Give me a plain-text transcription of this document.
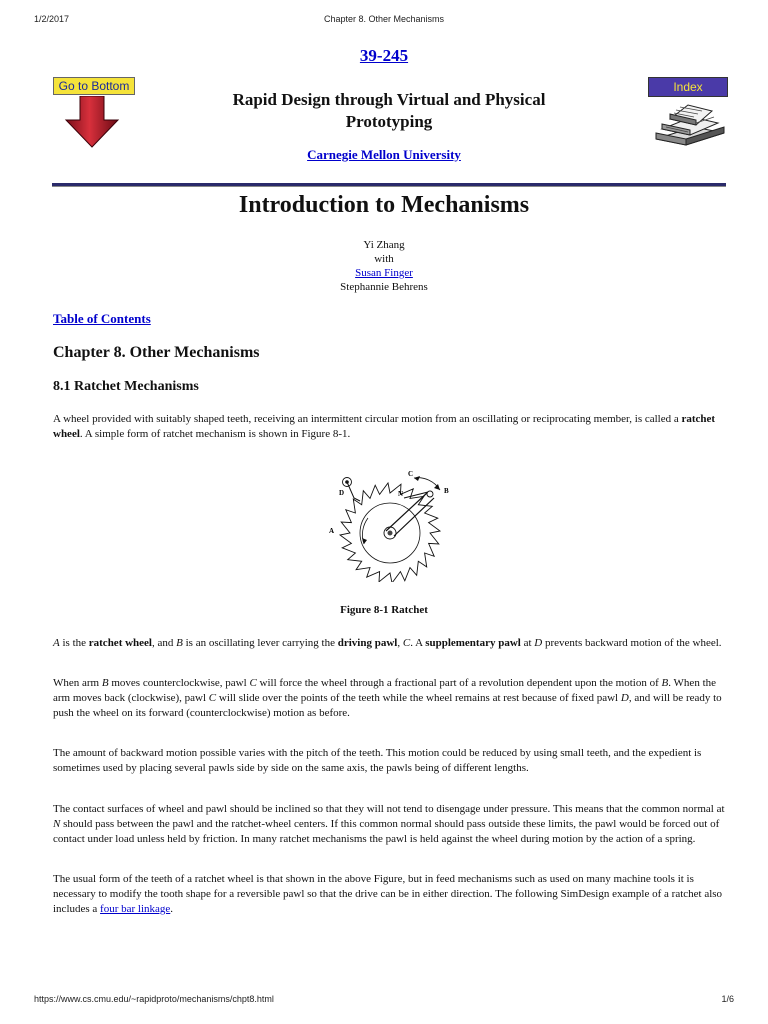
1/2/2017	Chapter 8. Other Mechanisms
39-245
Rapid Design through Virtual and Physical Prototyping
Carnegie Mellon University
Go to Bottom	Index
Introduction to Mechanisms
Yi Zhang
with
Susan Finger
Stephannie Behrens
Table of Contents
Chapter 8. Other Mechanisms
8.1 Ratchet Mechanisms

A wheel provided with suitably shaped teeth, receiving an intermittent circular motion from an oscillating or reciprocating member, is called a ratchet wheel. A simple form of ratchet mechanism is shown in Figure 8-1.

D
A
B
C
N
Figure 8-1 Ratchet

A is the ratchet wheel, and B is an oscillating lever carrying the driving pawl, C. A supplementary pawl at D prevents backward motion of the wheel.

When arm B moves counterclockwise, pawl C will force the wheel through a fractional part of a revolution dependent upon the motion of B. When the arm moves back (clockwise), pawl C will slide over the points of the teeth while the wheel remains at rest because of fixed pawl D, and will be ready to push the wheel on its forward (counterclockwise) motion as before.

The amount of backward motion possible varies with the pitch of the teeth. This motion could be reduced by using small teeth, and the expedient is sometimes used by placing several pawls side by side on the same axis, the pawls being of different lengths.

The contact surfaces of wheel and pawl should be inclined so that they will not tend to disengage under pressure. This means that the common normal at N should pass between the pawl and the ratchet-wheel centers. If this common normal should pass outside these limits, the pawl would be forced out of contact under load unless held by friction. In many ratchet mechanisms the pawl is held against the wheel during motion by the action of a spring.

The usual form of the teeth of a ratchet wheel is that shown in the above Figure, but in feed mechanisms such as used on many machine tools it is necessary to modify the tooth shape for a reversible pawl so that the drive can be in either direction. The following SimDesign example of a ratchet also includes a four bar linkage.

https://www.cs.cmu.edu/~rapidproto/mechanisms/chpt8.html	1/6
